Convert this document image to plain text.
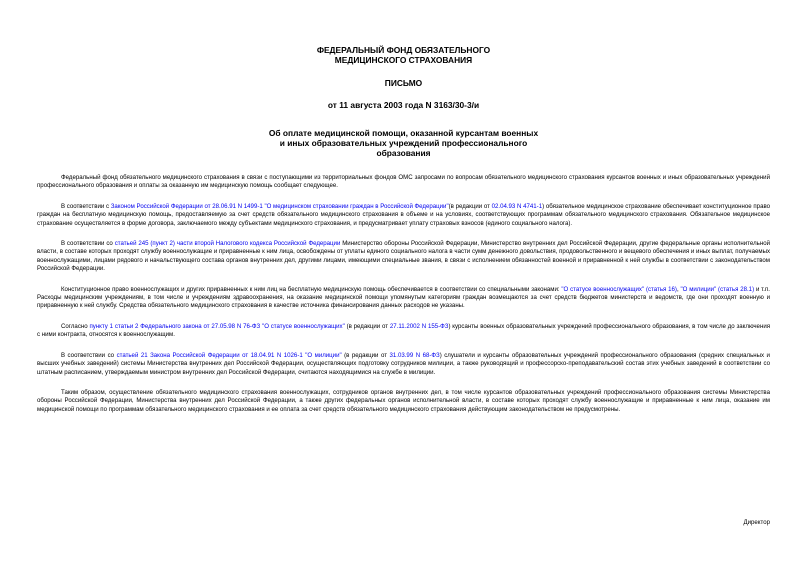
ФЕДЕРАЛЬНЫЙ ФОНД ОБЯЗАТЕЛЬНОГО
МЕДИЦИНСКОГО СТРАХОВАНИЯ
ПИСЬМО
от 11 августа 2003 года N 3163/30-3/и
Об оплате медицинской помощи, оказанной курсантам военных
и иных образовательных учреждений профессионального
образования

Федеральный фонд обязательного медицинского страхования в связи с поступающими из территориальных фондов ОМС запросами по вопросам обязательного медицинского страхования курсантов военных и иных образовательных учреждений профессионального образования и оплаты за оказанную им медицинскую помощь сообщает следующее.

В соответствии с Законом Российской Федерации от 28.06.91 N 1499-1 "О медицинском страховании граждан в Российской Федерации"(в редакции от 02.04.93 N 4741-1) обязательное медицинское страхование обеспечивает конституционное право граждан на бесплатную медицинскую помощь, предоставляемую за счет средств обязательного медицинского страхования в объеме и на условиях, соответствующих программам обязательного медицинского страхования. Обязательное медицинское страхование осуществляется в форме договора, заключаемого между субъектами медицинского страхования, и предусматривает уплату страховых взносов (единого социального налога).

В соответствии со статьей 245 (пункт 2) части второй Налогового кодекса Российской Федерации Министерство обороны Российской Федерации, Министерство внутренних дел Российской Федерации, другие федеральные органы исполнительной власти, в составе которых проходят службу военнослужащие и приравненные к ним лица, освобождены от уплаты единого социального налога в части сумм денежного довольствия, продовольственного и вещевого обеспечения и иных выплат, получаемых военнослужащими, лицами рядового и начальствующего состава органов внутренних дел, другими лицами, имеющими специальные звания, в связи с исполнением обязанностей военной и приравненной к ней службы в соответствии с законодательством Российской Федерации.

Конституционное право военнослужащих и других приравненных к ним лиц на бесплатную медицинскую помощь обеспечивается в соответствии со специальными законами: "О статусе военнослужащих" (статья 16), "О милиции" (статья 28.1) и т.п. Расходы медицинским учреждениям, в том числе и учреждениям здравоохранения, на оказание медицинской помощи упомянутым категориям граждан возмещаются за счет средств бюджетов министерств и ведомств, где они проходят военную и приравненную к ней службу. Средства обязательного медицинского страхования в качестве источника финансирования данных расходов не указаны.

Согласно пункту 1 статьи 2 Федерального закона от 27.05.98 N 76-ФЗ "О статусе военнослужащих" (в редакции от 27.11.2002 N 155-ФЗ) курсанты военных образовательных учреждений профессионального образования, в том числе до заключения с ними контракта, относятся к военнослужащим.

В соответствии со статьей 21 Закона Российской Федерации от 18.04.91 N 1026-1 "О милиции" (в редакции от 31.03.99 N 68-ФЗ) слушатели и курсанты образовательных учреждений профессионального образования (средних специальных и высших учебных заведений) системы Министерства внутренних дел Российской Федерации, осуществляющих подготовку сотрудников милиции, а также руководящий и профессорско-преподавательский состав этих учебных заведений в соответствии со штатным расписанием, утверждаемым министром внутренних дел Российской Федерации, считаются находящимися на службе в милиции.

Таким образом, осуществление обязательного медицинского страхования военнослужащих, сотрудников органов внутренних дел, в том числе курсантов образовательных учреждений профессионального образования системы Министерства обороны Российской Федерации, Министерства внутренних дел Российской Федерации, а также других федеральных органов исполнительной власти, в составе которых проходят службу военнослужащие и приравненные к ним лица, оказание им медицинской помощи по программам обязательного медицинского страхования и ее оплата за счет средств обязательного медицинского страхования действующим законодательством не предусмотрены.

Директор
